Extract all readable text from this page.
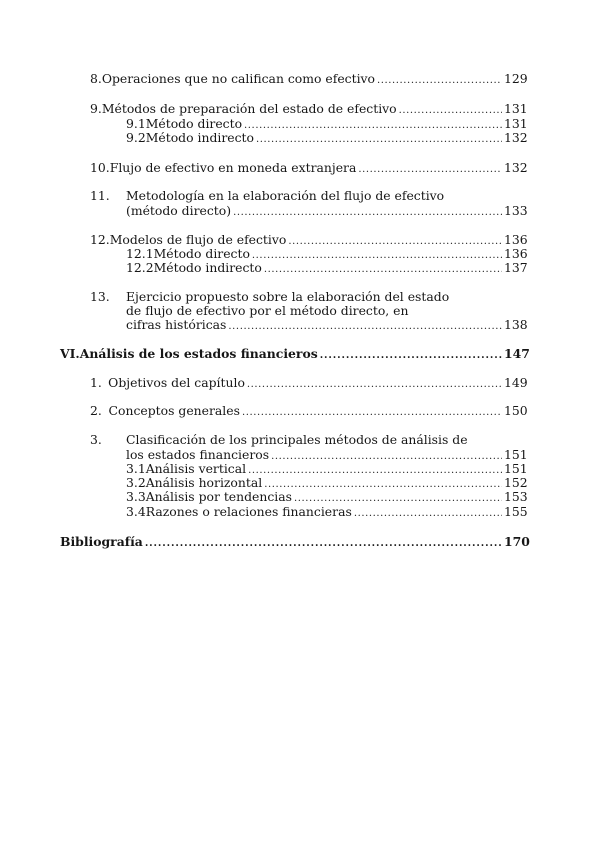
8. Operaciones que no califican como efectivo . . .	129
9. Métodos de preparación del estado de efectivo . . .	131
9.1 Método directo . . .	131
9.2 Método indirecto . . .	132
10. Flujo de efectivo en moneda extranjera . . .	132
11.	Metodología en la elaboración del flujo de efectivo
(método directo) . . .	133
12. Modelos de flujo de efectivo . . .	136
12.1 Método directo . . .	136
12.2 Método indirecto . . .	137
13.	Ejercicio propuesto sobre la elaboración del estado
de flujo de efectivo por el método directo, en
cifras históricas . . .	138
VI. Análisis de los estados financieros . . .	147
1. Objetivos del capítulo . . .	149
2. Conceptos generales . . .	150
3.	Clasificación de los principales métodos de análisis de
los estados financieros . . .	151
3.1 Análisis vertical . . .	151
3.2 Análisis horizontal . . .	152
3.3 Análisis por tendencias . . .	153
3.4 Razones o relaciones financieras . . .	155
Bibliografía . . .	170
